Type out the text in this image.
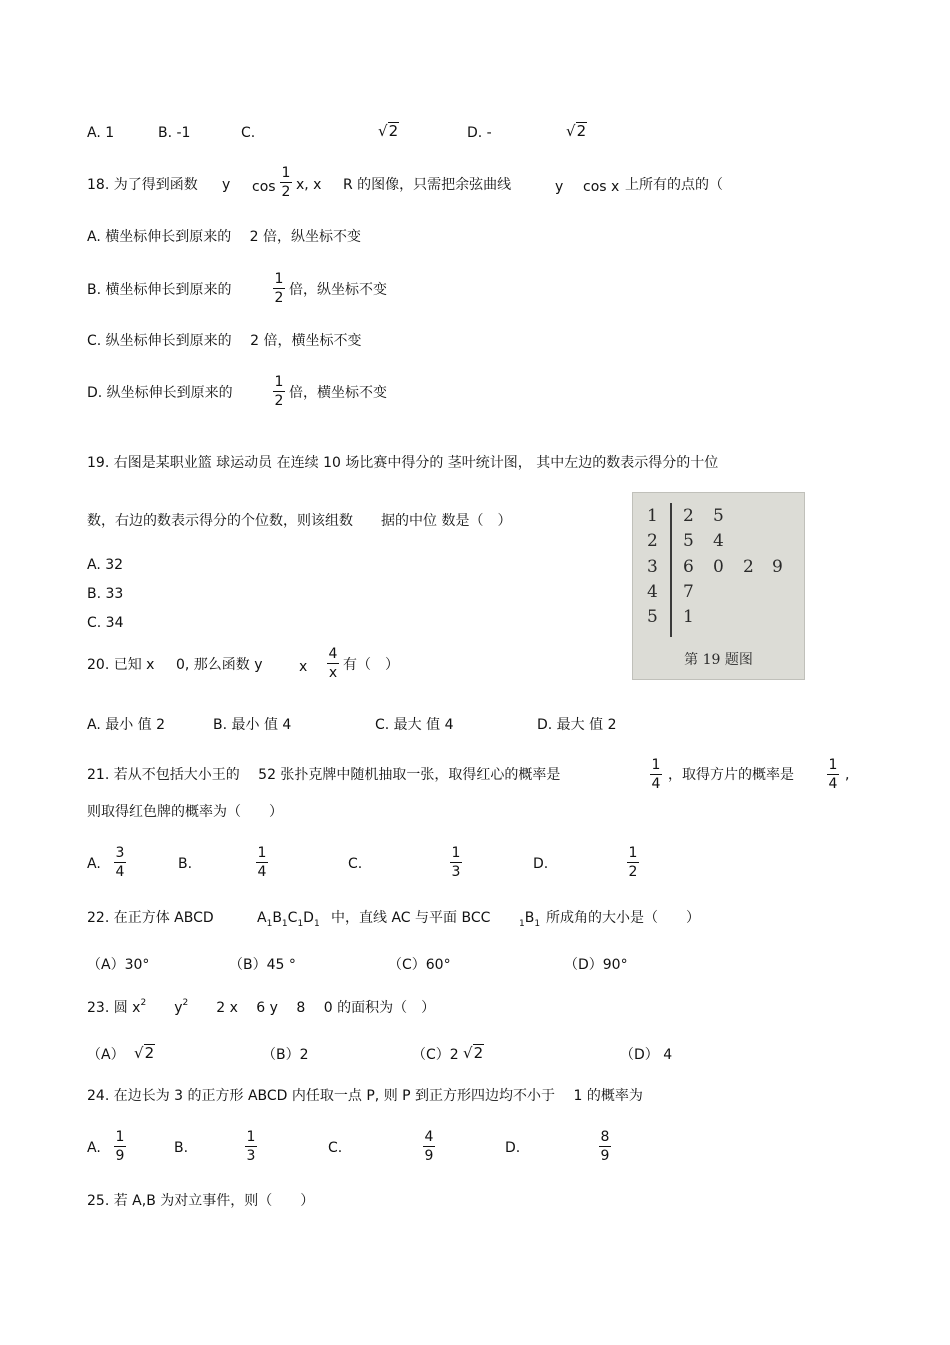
A. 1	B. -1	C.	√2	D. -	√2
18. 为了得到函数 y cos
1
2 x, x R 的图像，只需把余弦曲线	y cos x 上所有的点的（
A. 横坐标伸长到原来的　 2 倍，纵坐标不变
B. 横坐标伸长到原来的
1
2 倍，纵坐标不变
C. 纵坐标伸长到原来的　 2 倍，横坐标不变
D. 纵坐标伸长到原来的
1
2 倍，横坐标不变
19. 右图是某职业篮 球运动员 在连续 10 场比赛中得分的 茎叶统计图， 其中左边的数表示得分的十位
数，右边的数表示得分的个位数，则该组数　　据的中位 数是（　）
A. 32
B. 33
C. 34
1 2 5
2 5 4
3 6 0 2 9
4 7
5 1
第 19 题图
20. 已知 x 0, 那么函数 y	x
4
x 有（　）
A. 最小 值 2	B. 最小 值 4	C. 最大 值 4	D. 最大 值 2
21. 若从不包括大小王的　 52 张扑克牌中随机抽取一张，取得红心的概率是
1
4
，取得方片的概率是
1
4
,
则取得红色牌的概率为（　　）
A.
3
4	B.
1
4	C.
1
3	D.
1
2
22. 在正方体 ABCD	$A_1B_1C_1D_1$ 中，直线 AC 与平面 BCC	$_1B_1$ 所成角的大小是（　　）
（A）30°	（B）45 °	（C）60°	（D）90°
23. 圆 $x^2$　　 $y^2$　　 2 x　 6 y　 8　 0 的面积为（　）
（A） √2	（B）2	（C）2 √2	（D） 4
24. 在边长为 3 的正方形 ABCD 内任取一点 P, 则 P 到正方形四边均不小于　 1 的概率为
A.
1
9	B.
1
3	C.
4
9	D.
8
9
25. 若 A,B 为对立事件，则（　　）
